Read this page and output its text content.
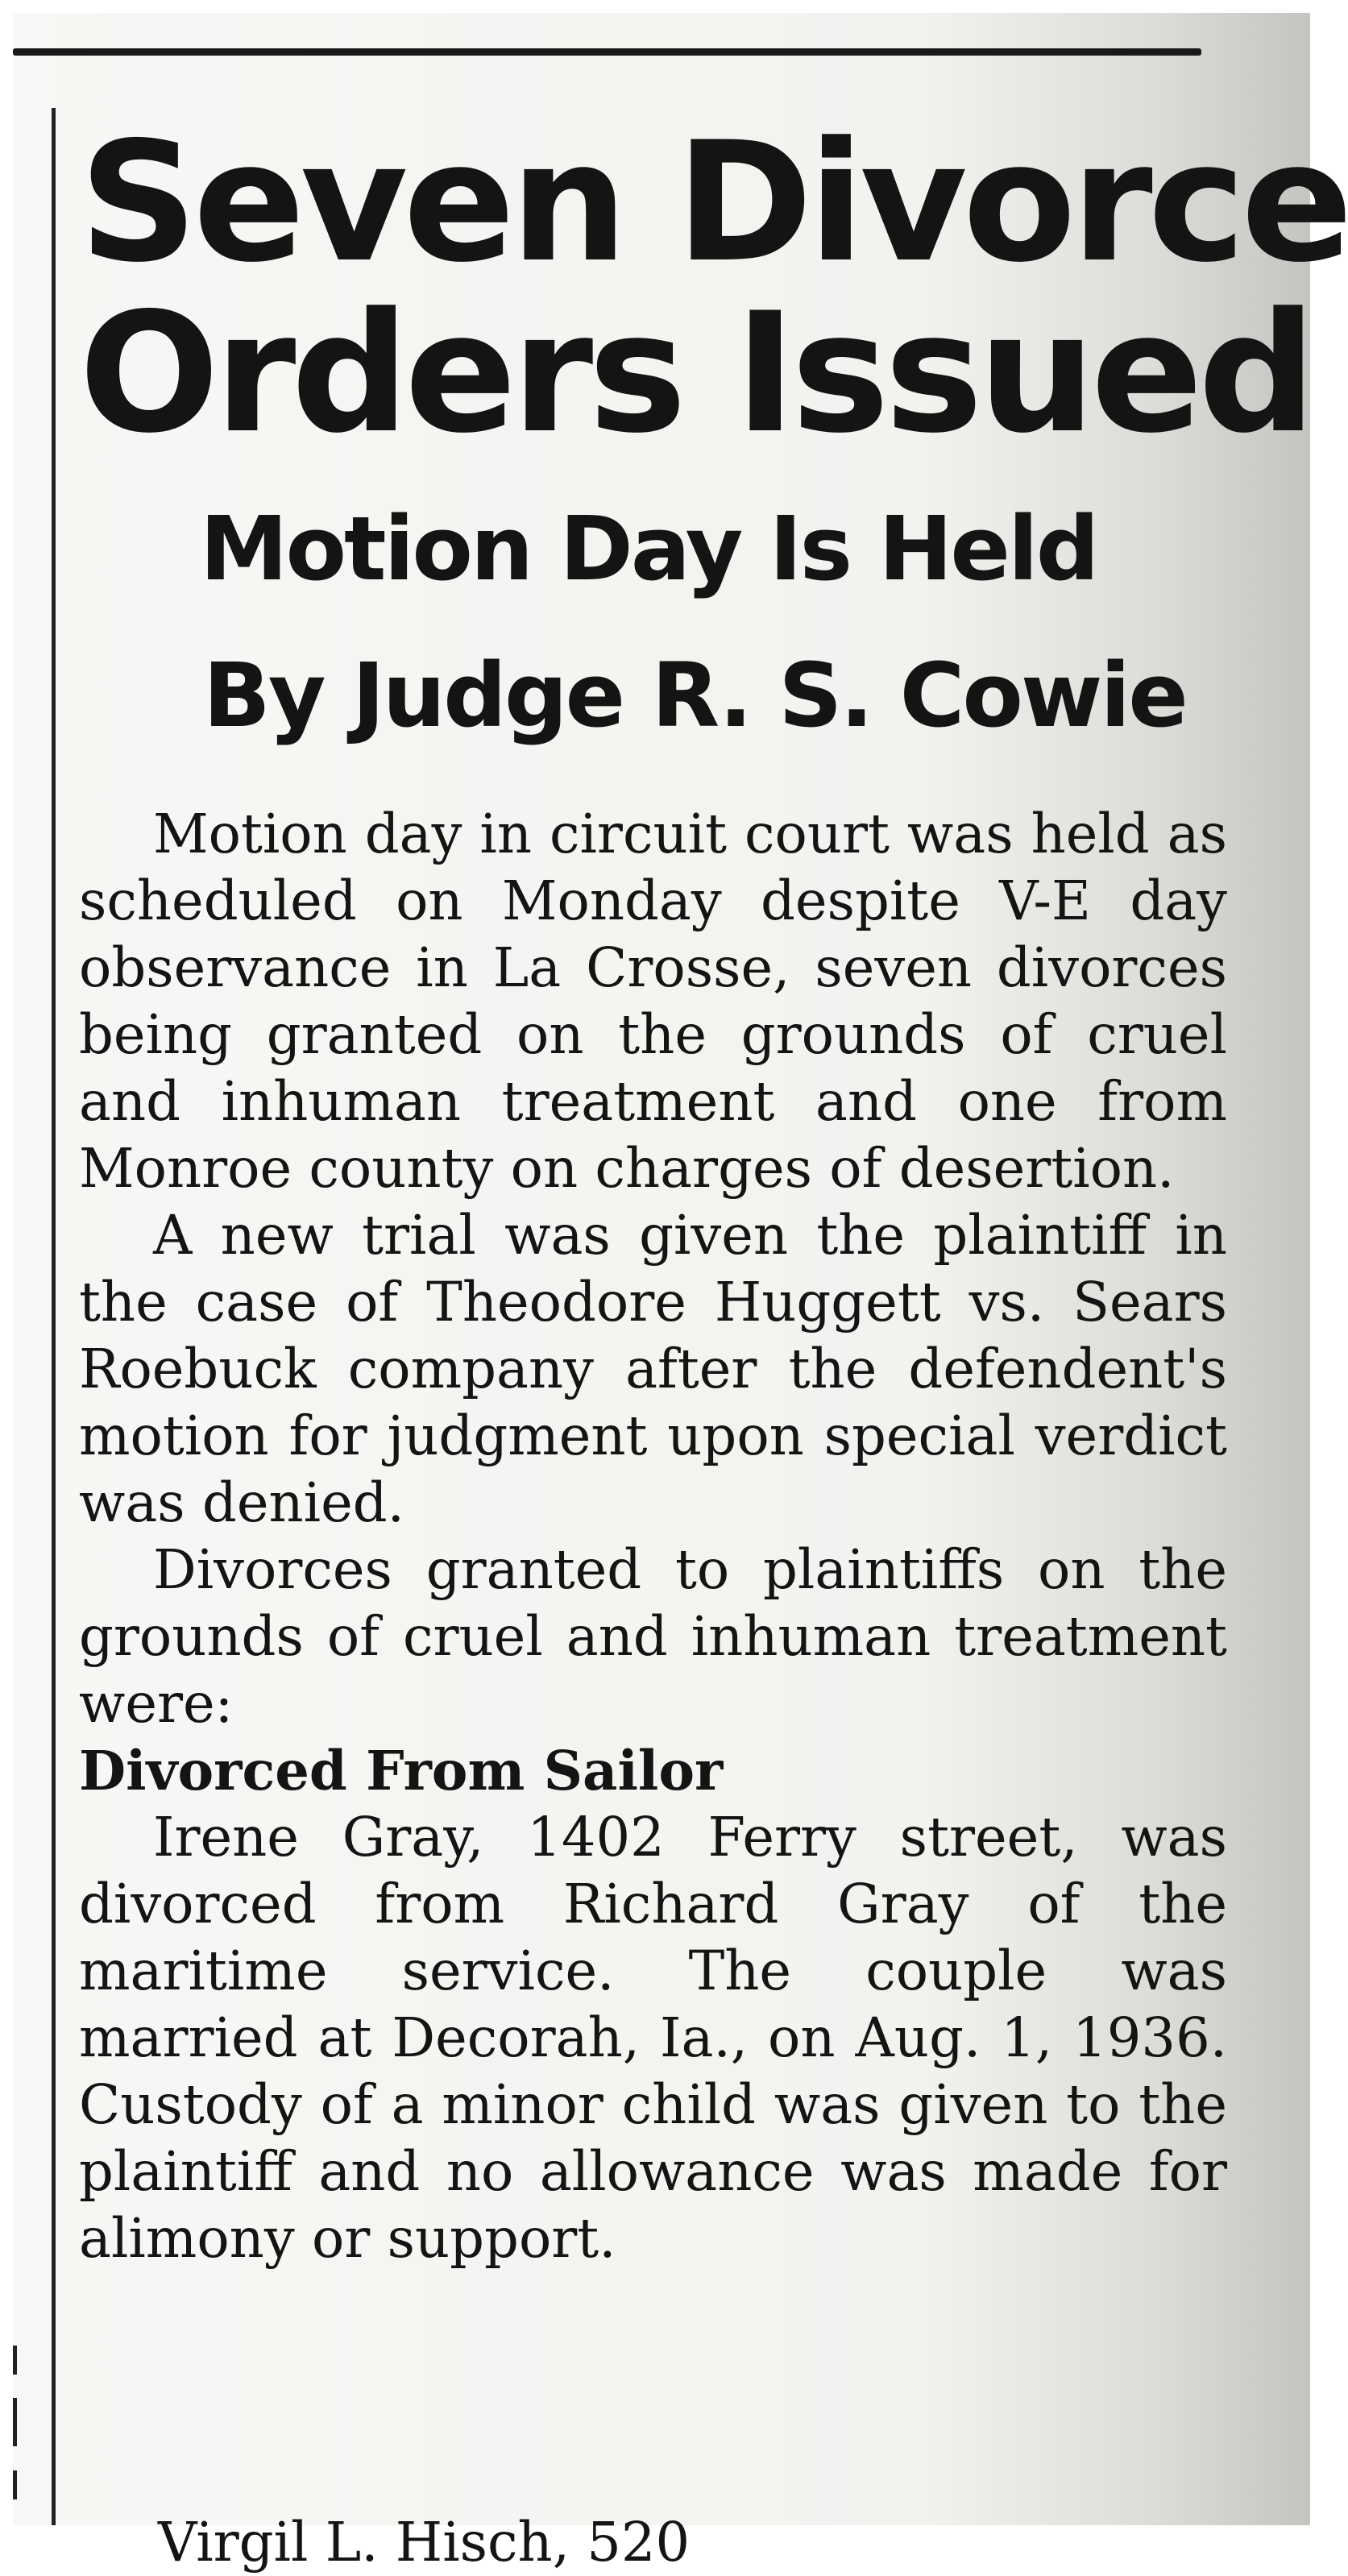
Seven Divorce
Orders Issued
Motion Day Is Held
By Judge R. S. Cowie

Motion day in circuit court was held as scheduled on Monday despite V-E day observance in La Crosse, seven divorces being granted on the grounds of cruel and inhuman treatment and one from Monroe county on charges of desertion.

A new trial was given the plaintiff in the case of Theodore Huggett vs. Sears Roebuck company after the defendent's motion for judgment upon special verdict was denied.

Divorces granted to plaintiffs on the grounds of cruel and inhuman treatment were:

Divorced From Sailor

Irene Gray, 1402 Ferry street, was divorced from Richard Gray of the maritime service. The couple was married at Decorah, Ia., on Aug. 1, 1936. Custody of a minor child was given to the plaintiff and no allowance was made for alimony or support.

Virgil L. Hisch, 520
